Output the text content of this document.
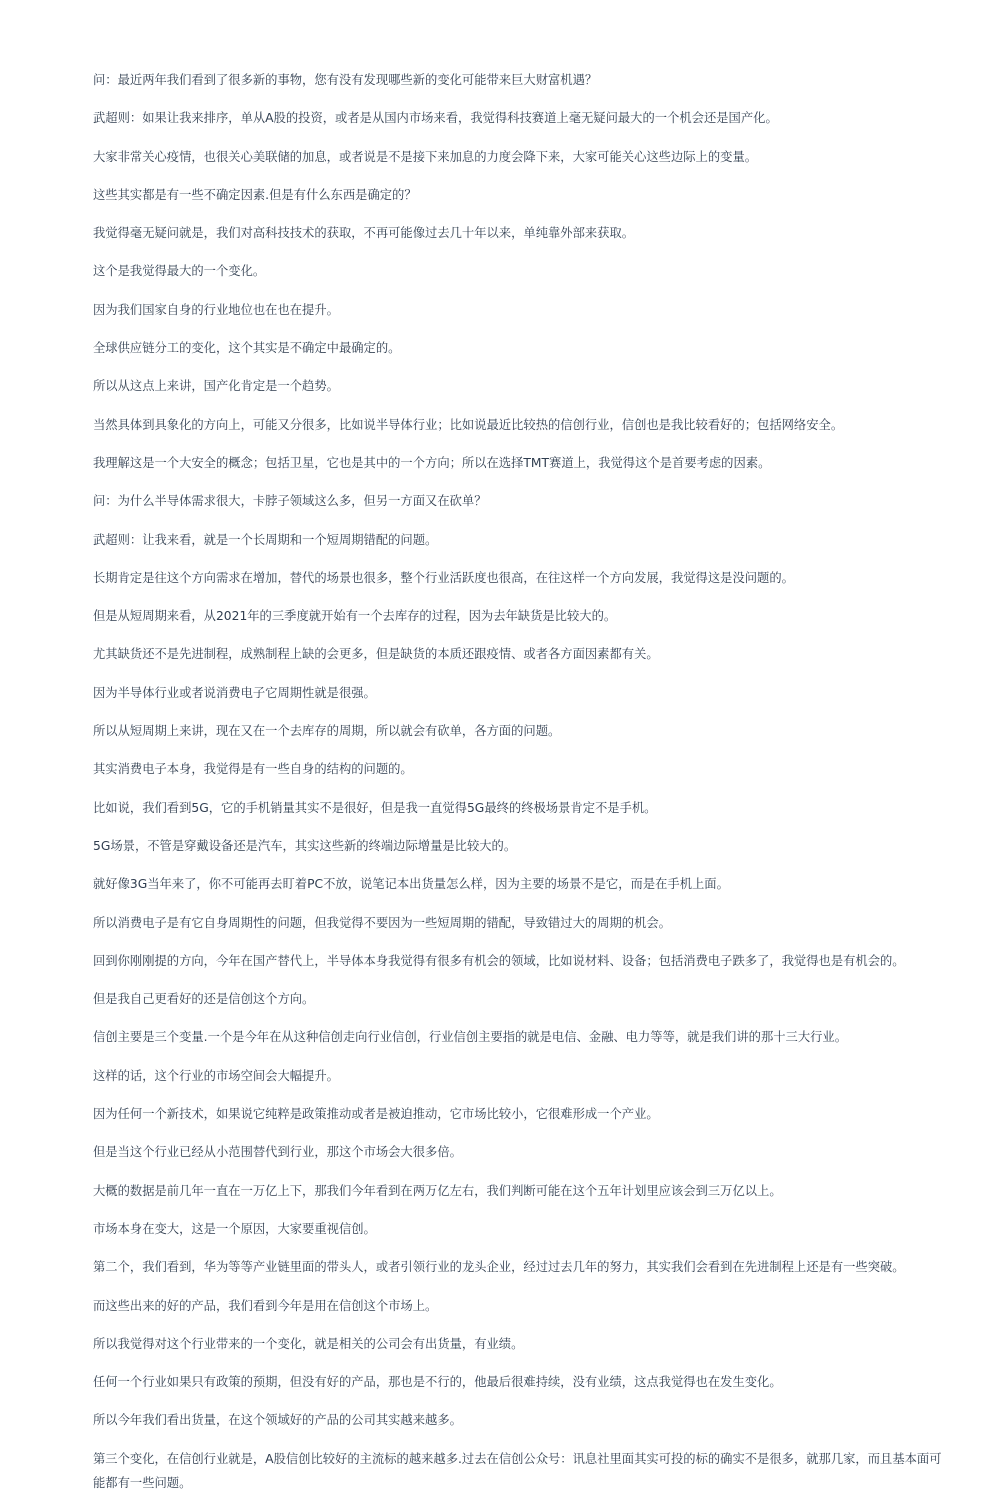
问：最近两年我们看到了很多新的事物，您有没有发现哪些新的变化可能带来巨大财富机遇？

武超则：如果让我来排序，单从A股的投资，或者是从国内市场来看，我觉得科技赛道上毫无疑问最大的一个机会还是国产化。

大家非常关心疫情，也很关心美联储的加息，或者说是不是接下来加息的力度会降下来，大家可能关心这些边际上的变量。

这些其实都是有一些不确定因素.但是有什么东西是确定的？

我觉得毫无疑问就是，我们对高科技技术的获取，不再可能像过去几十年以来，单纯靠外部来获取。

这个是我觉得最大的一个变化。

因为我们国家自身的行业地位也在也在提升。

全球供应链分工的变化，这个其实是不确定中最确定的。

所以从这点上来讲，国产化肯定是一个趋势。

当然具体到具象化的方向上，可能又分很多，比如说半导体行业；比如说最近比较热的信创行业，信创也是我比较看好的；包括网络安全。

我理解这是一个大安全的概念；包括卫星，它也是其中的一个方向；所以在选择TMT赛道上，我觉得这个是首要考虑的因素。

问：为什么半导体需求很大，卡脖子领域这么多，但另一方面又在砍单？

武超则：让我来看，就是一个长周期和一个短周期错配的问题。

长期肯定是往这个方向需求在增加，替代的场景也很多，整个行业活跃度也很高，在往这样一个方向发展，我觉得这是没问题的。

但是从短周期来看，从2021年的三季度就开始有一个去库存的过程，因为去年缺货是比较大的。

尤其缺货还不是先进制程，成熟制程上缺的会更多，但是缺货的本质还跟疫情、或者各方面因素都有关。

因为半导体行业或者说消费电子它周期性就是很强。

所以从短周期上来讲，现在又在一个去库存的周期，所以就会有砍单，各方面的问题。

其实消费电子本身，我觉得是有一些自身的结构的问题的。

比如说，我们看到5G，它的手机销量其实不是很好，但是我一直觉得5G最终的终极场景肯定不是手机。

5G场景，不管是穿戴设备还是汽车，其实这些新的终端边际增量是比较大的。

就好像3G当年来了，你不可能再去盯着PC不放，说笔记本出货量怎么样，因为主要的场景不是它，而是在手机上面。

所以消费电子是有它自身周期性的问题，但我觉得不要因为一些短周期的错配，导致错过大的周期的机会。

回到你刚刚提的方向，今年在国产替代上，半导体本身我觉得有很多有机会的领域，比如说材料、设备；包括消费电子跌多了，我觉得也是有机会的。

但是我自己更看好的还是信创这个方向。

信创主要是三个变量.一个是今年在从这种信创走向行业信创，行业信创主要指的就是电信、金融、电力等等，就是我们讲的那十三大行业。

这样的话，这个行业的市场空间会大幅提升。

因为任何一个新技术，如果说它纯粹是政策推动或者是被迫推动，它市场比较小，它很难形成一个产业。

但是当这个行业已经从小范围替代到行业，那这个市场会大很多倍。

大概的数据是前几年一直在一万亿上下，那我们今年看到在两万亿左右，我们判断可能在这个五年计划里应该会到三万亿以上。

市场本身在变大，这是一个原因，大家要重视信创。

第二个，我们看到，华为等等产业链里面的带头人，或者引领行业的龙头企业，经过过去几年的努力，其实我们会看到在先进制程上还是有一些突破。

而这些出来的好的产品，我们看到今年是用在信创这个市场上。

所以我觉得对这个行业带来的一个变化，就是相关的公司会有出货量，有业绩。

任何一个行业如果只有政策的预期，但没有好的产品，那也是不行的，他最后很难持续，没有业绩，这点我觉得也在发生变化。

所以今年我们看出货量，在这个领域好的产品的公司其实越来越多。

第三个变化，在信创行业就是，A股信创比较好的主流标的越来越多.过去在信创公众号：讯息社里面其实可投的标的确实不是很多，就那几家，而且基本面可能都有一些问题。
